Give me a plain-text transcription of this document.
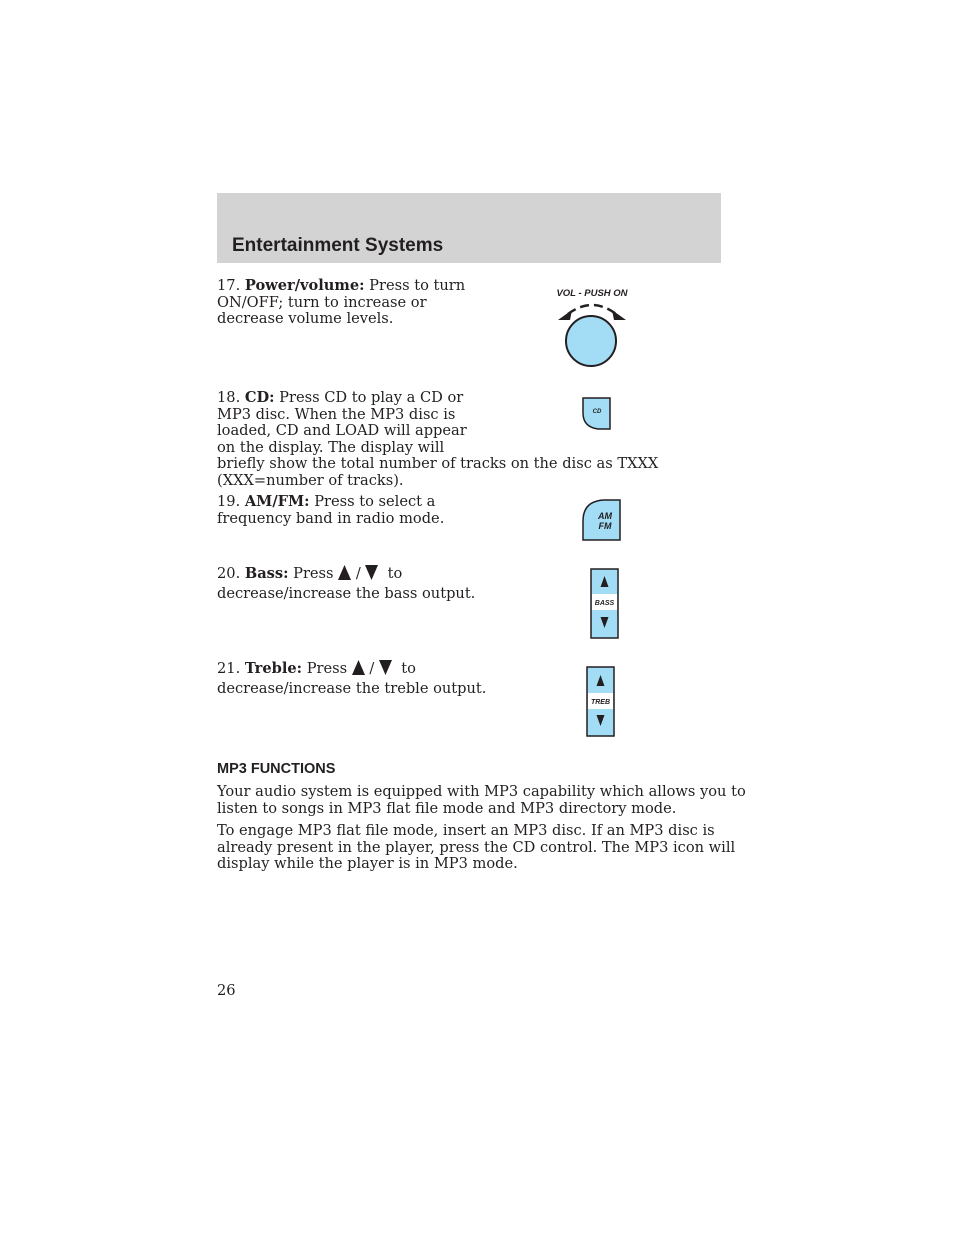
Entertainment Systems

17. Power/volume: Press to turn
ON/OFF; turn to increase or
decrease volume levels.

18. CD: Press CD to play a CD or
MP3 disc. When the MP3 disc is
loaded, CD and LOAD will appear
on the display. The display will
briefly show the total number of tracks on the disc as TXXX
(XXX=number of tracks).

19. AM/FM: Press to select a
frequency band in radio mode.

20. Bass: Press  /   to
decrease/increase the bass output.

21. Treble: Press  /   to
decrease/increase the treble output.

VOL - PUSH ON
CD
AM
FM
BASS
TREB
MP3 FUNCTIONS

Your audio system is equipped with MP3 capability which allows you to
listen to songs in MP3 flat file mode and MP3 directory mode.

To engage MP3 flat file mode, insert an MP3 disc. If an MP3 disc is
already present in the player, press the CD control. The MP3 icon will
display while the player is in MP3 mode.

26
